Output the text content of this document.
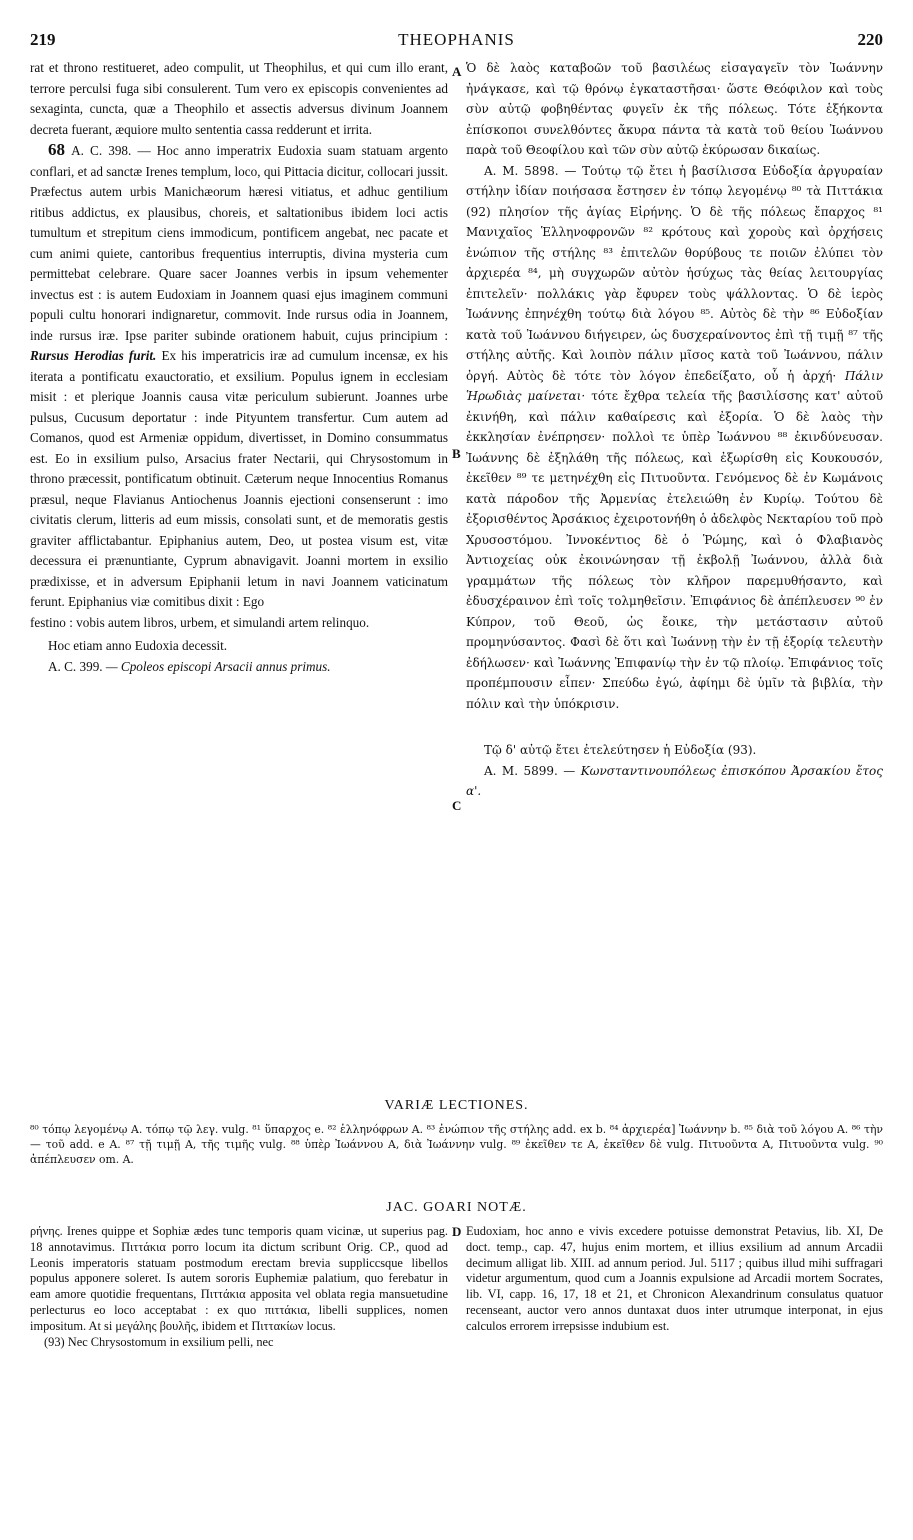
219	THEOPHANIS	220

rat et throno restitueret, adeo compulit, ut Theophilus, et qui cum illo erant, terrore perculsi fuga sibi consulerent. Tum vero ex episcopis convenientes ad sexaginta, cuncta, quæ a Theophilo et assectis adversus divinum Joannem decreta fuerant, æquiore multo sententia cassa redderunt et irrita.

68 A. C. 398. — Hoc anno imperatrix Eudoxia suam statuam argento conflari, et ad sanctæ Irenes templum, loco, qui Pittacia dicitur, collocari jussit. Præfectus autem urbis Manichæorum hæresi vitiatus, et adhuc gentilium ritibus addictus, ex plausibus, choreis, et saltationibus ibidem loci actis tumultum et strepitum ciens immodicum, pontificem angebat, nec pacate et cum animi quiete, cantoribus frequentius interruptis, divina mysteria cum permittebat celebrare. Quare sacer Joannes verbis in ipsum vehementer invectus est : is autem Eudoxiam in Joannem quasi ejus imaginem communi populi cultu honorari indignaretur, commovit. Inde rursus odia in Joannem, inde rursus iræ. Ipse pariter subinde orationem habuit, cujus principium : Rursus Herodias furit. Ex his imperatricis iræ ad cumulum incensæ, ex his iterata a pontificatu exauctoratio, et exsilium. Populus ignem in ecclesiam misit : et plerique Joannis causa vitæ periculum subierunt. Joannes urbe pulsus, Cucusum deportatur : inde Pityuntem transfertur. Cum autem ad Comanos, quod est Armeniæ oppidum, divertisset, in Domino consummatus est. Eo in exsilium pulso, Arsacius frater Nectarii, qui Chrysostomum in throno præcessit, pontificatum obtinuit. Cæterum neque Innocentius Romanus præsul, neque Flavianus Antiochenus Joannis ejectioni consenserunt : imo civitatis clerum, litteris ad eum missis, consolati sunt, et de memoratis gestis graviter afflictabantur. Epiphanius autem, Deo, ut postea visum est, vitæ decessura ei prænuntiante, Cyprum abnavigavit. Joanni mortem in exsilio prædixisse, et in adversum Epiphanii letum in navi Joannem vaticinatum ferunt. Epiphanius viæ comitibus dixit : Ego

festino : vobis autem libros, urbem, et simulandi artem relinquo.

Hoc etiam anno Eudoxia decessit.

A. C. 399. — Cpoleos episcopi Arsacii annus primus.

A
B
C

Ὁ δὲ λαὸς καταβοῶν τοῦ βασιλέως εἰσαγαγεῖν τὸν Ἰωάννην ἠνάγκασε, καὶ τῷ θρόνῳ ἐγκαταστῆσαι· ὥστε Θεόφιλον καὶ τοὺς σὺν αὐτῷ φοβηθέντας φυγεῖν ἐκ τῆς πόλεως. Τότε ἑξήκοντα ἐπίσκοποι συνελθόντες ἄκυρα πάντα τὰ κατὰ τοῦ θείου Ἰωάννου παρὰ τοῦ Θεοφίλου καὶ τῶν σὺν αὐτῷ ἐκύρωσαν δικαίως.

Α. Μ. 5898. — Τούτῳ τῷ ἔτει ἡ βασίλισσα Εὐδοξία ἀργυραίαν στήλην ἰδίαν ποιήσασα ἔστησεν ἐν τόπῳ λεγομένῳ ⁸⁰ τὰ Πιττάκια (92) πλησίον τῆς ἁγίας Εἰρήνης. Ὁ δὲ τῆς πόλεως ἔπαρχος ⁸¹ Μανιχαῖος Ἑλληνοφρονῶν ⁸² κρότους καὶ χοροὺς καὶ ὀρχήσεις ἐνώπιον τῆς στήλης ⁸³ ἐπιτελῶν θορύβους τε ποιῶν ἐλύπει τὸν ἀρχιερέα ⁸⁴, μὴ συγχωρῶν αὐτὸν ἡσύχως τὰς θείας λειτουργίας ἐπιτελεῖν· πολλάκις γὰρ ἔφυρεν τοὺς ψάλλοντας. Ὁ δὲ ἱερὸς Ἰωάννης ἐπηνέχθη τούτῳ διὰ λόγου ⁸⁵. Αὐτὸς δὲ τὴν ⁸⁶ Εὐδοξίαν κατὰ τοῦ Ἰωάννου διήγειρεν, ὡς δυσχεραίνοντος ἐπὶ τῇ τιμῇ ⁸⁷ τῆς στήλης αὐτῆς. Καὶ λοιπὸν πάλιν μῖσος κατὰ τοῦ Ἰωάννου, πάλιν ὀργή. Αὐτὸς δὲ τότε τὸν λόγον ἐπεδείξατο, οὗ ἡ ἀρχή· Πάλιν Ἡρωδιὰς μαίνεται· τότε ἔχθρα τελεία τῆς βασιλίσσης κατ' αὐτοῦ ἐκινήθη, καὶ πάλιν καθαίρεσις καὶ ἐξορία. Ὁ δὲ λαὸς τὴν ἐκκλησίαν ἐνέπρησεν· πολλοὶ τε ὑπὲρ Ἰωάννου ⁸⁸ ἐκινδύνευσαν. Ἰωάννης δὲ ἐξηλάθη τῆς πόλεως, καὶ ἐξωρίσθη εἰς Κουκουσόν, ἐκεῖθεν ⁸⁹ τε μετηνέχθη εἰς Πιτυοῦντα. Γενόμενος δὲ ἐν Κωμάνοις κατὰ πάροδον τῆς Ἀρμενίας ἐτελειώθη ἐν Κυρίῳ. Τούτου δὲ ἐξορισθέντος Ἀρσάκιος ἐχειροτονήθη ὁ ἀδελφὸς Νεκταρίου τοῦ πρὸ Χρυσοστόμου. Ἰννοκέντιος δὲ ὁ Ῥώμης, καὶ ὁ Φλαβιανὸς Ἀντιοχείας οὐκ ἐκοινώνησαν τῇ ἐκβολῇ Ἰωάννου, ἀλλὰ διὰ γραμμάτων τῆς πόλεως τὸν κλῆρον παρεμυθήσαντο, καὶ ἐδυσχέραινον ἐπὶ τοῖς τολμηθεῖσιν. Ἐπιφάνιος δὲ ἀπέπλευσεν ⁹⁰ ἐν Κύπρον, τοῦ Θεοῦ, ὡς ἔοικε, τὴν μετάστασιν αὐτοῦ προμηνύσαντος. Φασὶ δὲ ὅτι καὶ Ἰωάννῃ τὴν ἐν τῇ ἐξορίᾳ τελευτὴν ἐδήλωσεν· καὶ Ἰωάννης Ἐπιφανίῳ τὴν ἐν τῷ πλοίῳ. Ἐπιφάνιος τοῖς προπέμπουσιν εἶπεν· Σπεύδω ἐγώ, ἀφίημι δὲ ὑμῖν τὰ βιβλία, τὴν πόλιν καὶ τὴν ὑπόκρισιν.

Τῷ δ' αὐτῷ ἔτει ἐτελεύτησεν ἡ Εὐδοξία (93).

Α. Μ. 5899. — Κωνσταντινουπόλεως ἐπισκόπου Ἀρσακίου ἔτος α'.

VARIÆ LECTIONES.
⁸⁰ τόπῳ λεγομένῳ A. τόπῳ τῷ λεγ. vulg. ⁸¹ ὕπαρχος e. ⁸² ἑλληνόφρων A. ⁸³ ἐνώπιον τῆς στήλης add. ex b. ⁸⁴ ἀρχιερέα] Ἰωάννην b. ⁸⁵ διὰ τοῦ λόγου A. ⁸⁶ τὴν — τοῦ add. e A. ⁸⁷ τῇ τιμῇ A, τῆς τιμῆς vulg. ⁸⁸ ὑπὲρ Ἰωάννου A, διὰ Ἰωάννην vulg. ⁸⁹ ἐκεῖθεν τε A, ἐκεῖθεν δὲ vulg. Πιτυοῦντα A, Πιτυοῦντα vulg. ⁹⁰ ἀπέπλευσεν om. A.
JAC. GOARI NOTÆ.

ρήνης. Irenes quippe et Sophiæ ædes tunc temporis quam vicinæ, ut superius pag. 18 annotavimus. Πιττάκια porro locum ita dictum scribunt Orig. CP., quod ad Leonis imperatoris statuam postmodum erectam brevia suppliccsque libellos populus apponere soleret. Is autem sororis Euphemiæ palatium, quo ferebatur in eam amore quotidie frequentans, Πιττάκια apposita vel oblata regia mansuetudine perlecturus eo loco acceptabat : ex quo πιττάκια, libelli supplices, nomen impositum. At si μεγάλης βουλῆς, ibidem et Πιττακίων locus.

(93) Nec Chrysostomum in exsilium pelli, nec

D Eudoxiam, hoc anno e vivis excedere potuisse demonstrat Petavius, lib. XI, De doct. temp., cap. 47, hujus enim mortem, et illius exsilium ad annum Arcadii decimum alligat lib. XIII. ad annum period. Jul. 5117 ; quibus illud mihi suffragari videtur argumentum, quod cum a Joannis expulsione ad Arcadii mortem Socrates, lib. VI, capp. 16, 17, 18 et 21, et Chronicon Alexandrinum consulatus quatuor recenseant, auctor vero annos duntaxat duos inter utrumque interponat, in ejus calculos errorem irrepsisse indubium est.
